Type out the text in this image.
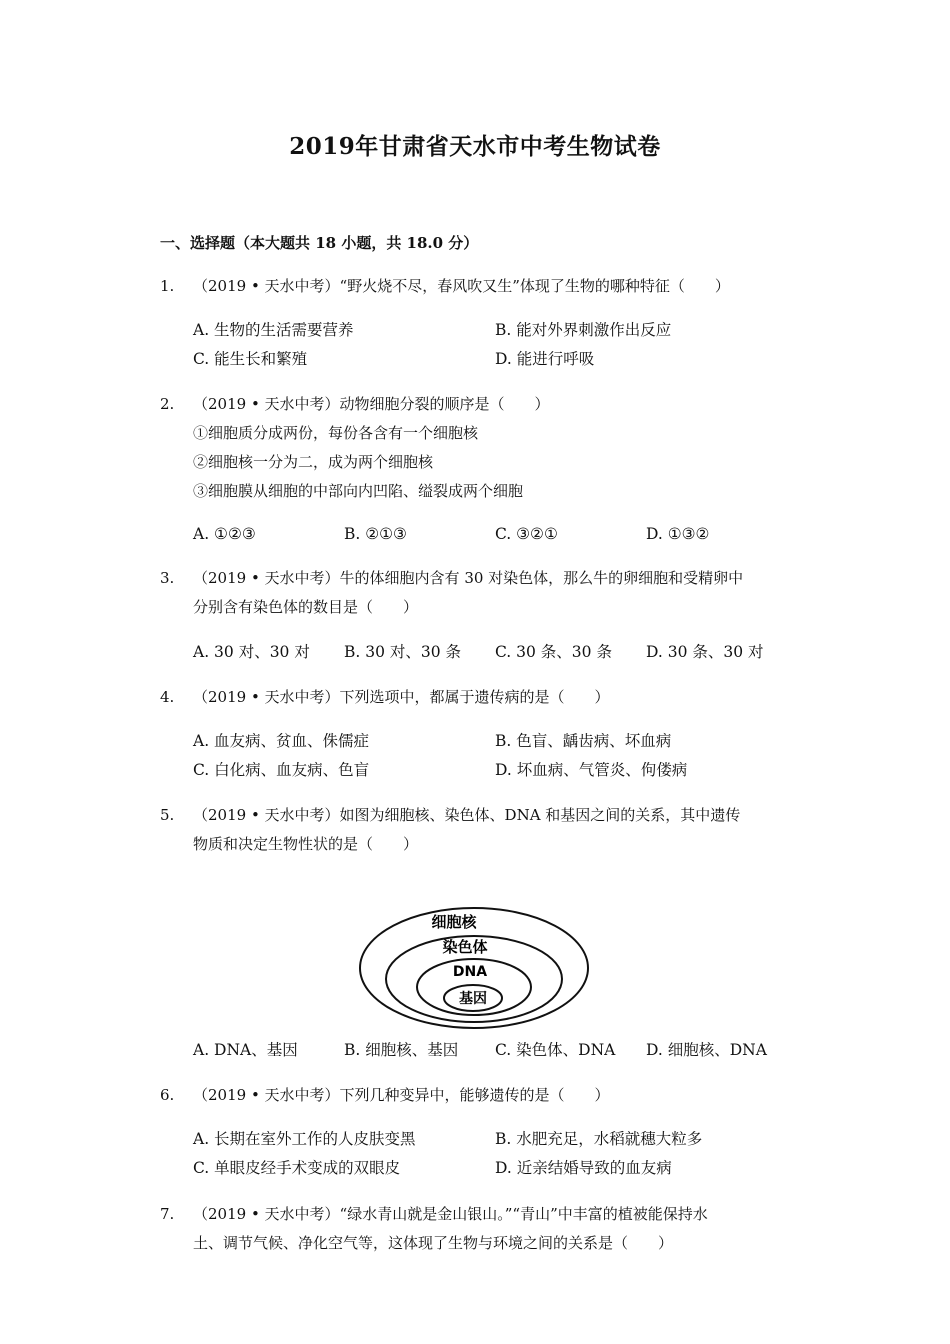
2019年甘肃省天水市中考生物试卷
一、选择题（本大题共 18 小题，共 18.0 分）
1.	（2019 • 天水中考）“野火烧不尽，春风吹又生”体现了生物的哪种特征（　　）
A. 生物的生活需要营养	B. 能对外界刺激作出反应
C. 能生长和繁殖	D. 能进行呼吸
2.	（2019 • 天水中考）动物细胞分裂的顺序是（　　）
①细胞质分成两份，每份各含有一个细胞核
②细胞核一分为二，成为两个细胞核
③细胞膜从细胞的中部向内凹陷、缢裂成两个细胞
A. ①②③	B. ②①③	C. ③②①	D. ①③②
3.	（2019 • 天水中考）牛的体细胞内含有 30 对染色体，那么牛的卵细胞和受精卵中
分别含有染色体的数目是（　　）
A. 30 对、30 对 B. 30 对、30 条 C. 30 条、30 条 D. 30 条、30 对
4.	（2019 • 天水中考）下列选项中，都属于遗传病的是（　　）
A. 血友病、贫血、侏儒症	B. 色盲、龋齿病、坏血病
C. 白化病、血友病、色盲	D. 坏血病、气管炎、佝偻病
5.	（2019 • 天水中考）如图为细胞核、染色体、DNA 和基因之间的关系，其中遗传
物质和决定生物性状的是（　　）
细胞核
染色体
DNA
基因
A. DNA、基因	B. 细胞核、基因 C. 染色体、DNA D. 细胞核、DNA
6.	（2019 • 天水中考）下列几种变异中，能够遗传的是（　　）
A. 长期在室外工作的人皮肤变黑	B. 水肥充足，水稻就穗大粒多
C. 单眼皮经手术变成的双眼皮	D. 近亲结婚导致的血友病
7.	（2019 • 天水中考）“绿水青山就是金山银山。”“青山”中丰富的植被能保持水
土、调节气候、净化空气等，这体现了生物与环境之间的关系是（　　）
